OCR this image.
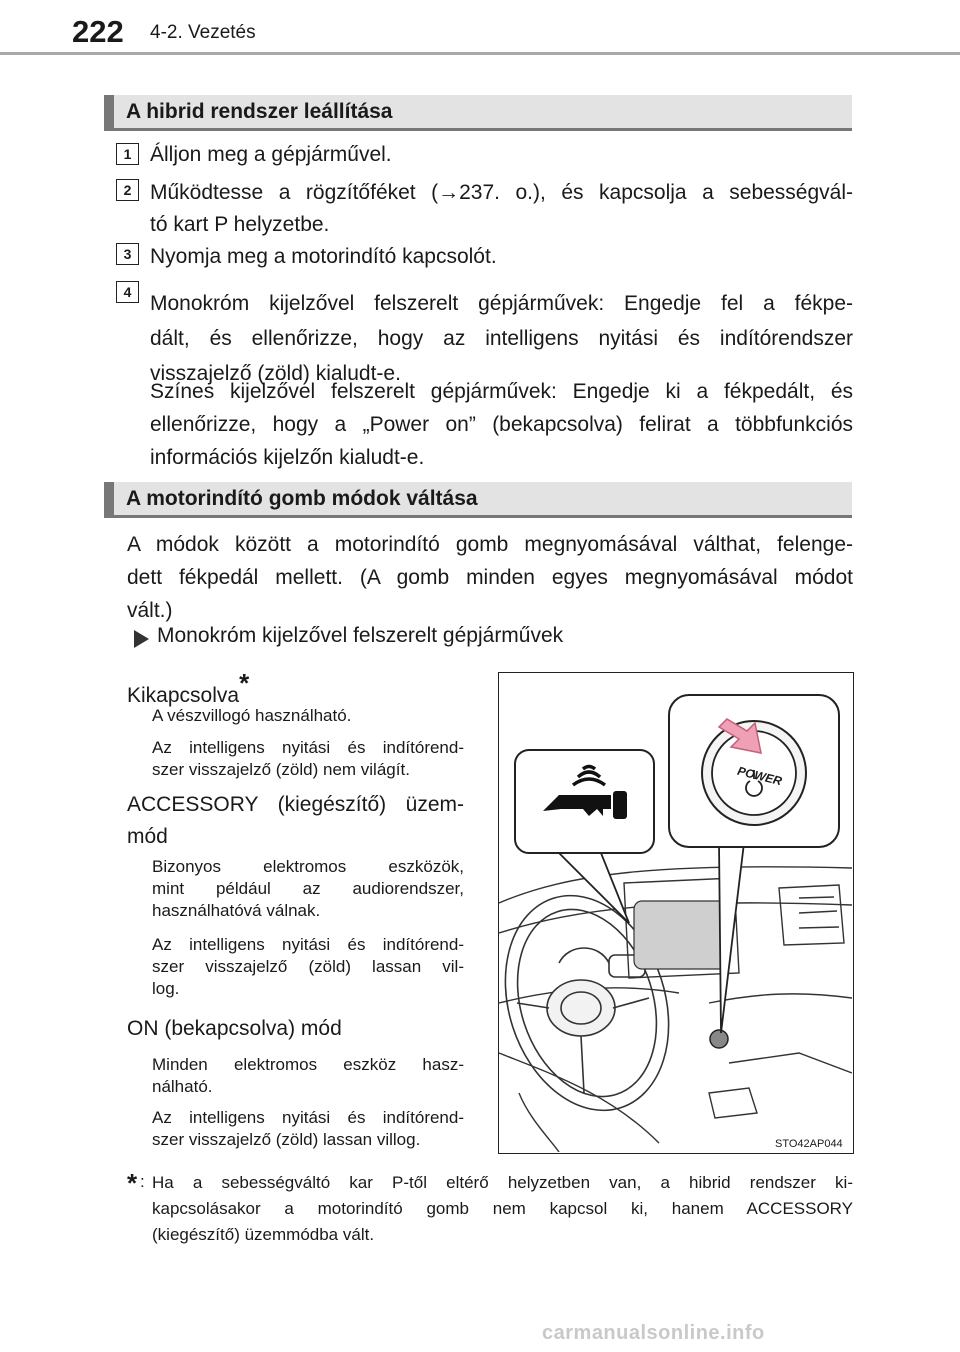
222 4-2. Vezetés
A hibrid rendszer leállítása
1 Álljon meg a gépjárművel.
2 Működtesse a rögzítőféket (→237. o.), és kapcsolja a sebességvál-
tó kart P helyzetbe.
3 Nyomja meg a motorindító kapcsolót.
4 Monokróm kijelzővel felszerelt gépjárművek: Engedje fel a fékpe-
dált, és ellenőrizze, hogy az intelligens nyitási és indítórendszer
visszajelző (zöld) kialudt-e.
Színes kijelzővel felszerelt gépjárművek: Engedje ki a fékpedált, és
ellenőrizze, hogy a „Power on” (bekapcsolva) felirat a többfunkciós
információs kijelzőn kialudt-e.
A motorindító gomb módok váltása
A módok között a motorindító gomb megnyomásával válthat, felenge-
dett fékpedál mellett. (A gomb minden egyes megnyomásával módot
vált.)
Monokróm kijelzővel felszerelt gépjárművek
Kikapcsolva*
A vészvillogó használható.
Az intelligens nyitási és indítórend-
szer visszajelző (zöld) nem világít.
ACCESSORY (kiegészítő) üzem-
mód
Bizonyos elektromos eszközök,
mint például az audiorendszer,
használhatóvá válnak.
Az intelligens nyitási és indítórend-
szer visszajelző (zöld) lassan vil-
log.
ON (bekapcsolva) mód
Minden elektromos eszköz hasz-
nálható.
Az intelligens nyitási és indítórend-
szer visszajelző (zöld) lassan villog.
POWER
STO42AP044
* : Ha a sebességváltó kar P-től eltérő helyzetben van, a hibrid rendszer ki-
kapcsolásakor a motorindító gomb nem kapcsol ki, hanem ACCESSORY
(kiegészítő) üzemmódba vált.
carmanualsonline.info
